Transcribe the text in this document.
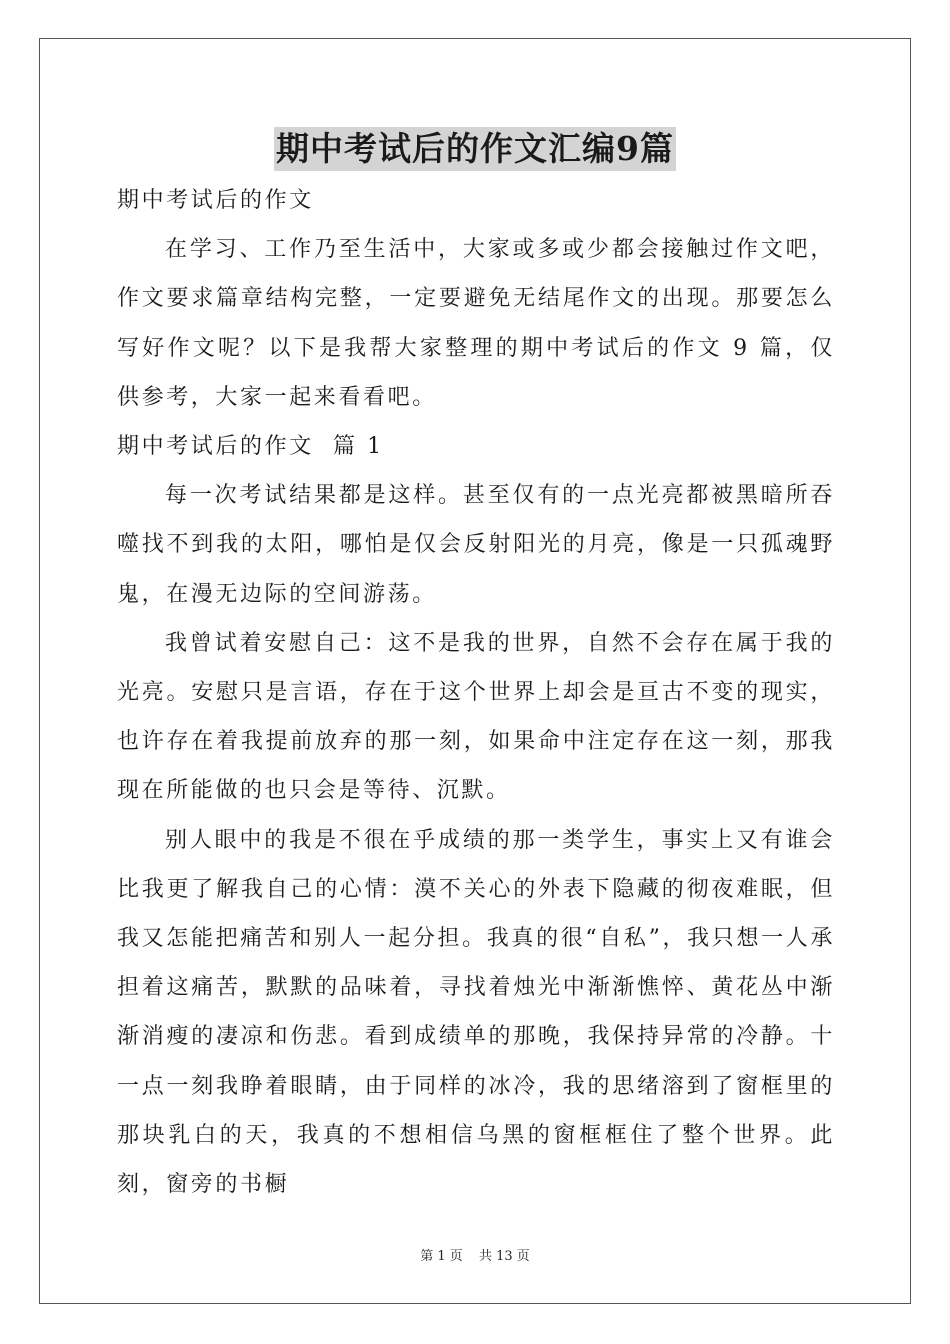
期中考试后的作文汇编9篇

期中考试后的作文

在学习、工作乃至生活中，大家或多或少都会接触过作文吧，作文要求篇章结构完整，一定要避免无结尾作文的出现。那要怎么写好作文呢？以下是我帮大家整理的期中考试后的作文 9 篇，仅供参考，大家一起来看看吧。

期中考试后的作文  篇 1

每一次考试结果都是这样。甚至仅有的一点光亮都被黑暗所吞噬找不到我的太阳，哪怕是仅会反射阳光的月亮，像是一只孤魂野鬼，在漫无边际的空间游荡。

我曾试着安慰自己：这不是我的世界，自然不会存在属于我的光亮。安慰只是言语，存在于这个世界上却会是亘古不变的现实，也许存在着我提前放弃的那一刻，如果命中注定存在这一刻，那我现在所能做的也只会是等待、沉默。

别人眼中的我是不很在乎成绩的那一类学生，事实上又有谁会比我更了解我自己的心情：漠不关心的外表下隐藏的彻夜难眠，但我又怎能把痛苦和别人一起分担。我真的很“自私”，我只想一人承担着这痛苦，默默的品味着，寻找着烛光中渐渐憔悴、黄花丛中渐渐消瘦的凄凉和伤悲。看到成绩单的那晚，我保持异常的冷静。十一点一刻我睁着眼睛，由于同样的冰冷，我的思绪溶到了窗框里的那块乳白的天，我真的不想相信乌黑的窗框框住了整个世界。此刻，窗旁的书橱

第 1 页 共 13 页
